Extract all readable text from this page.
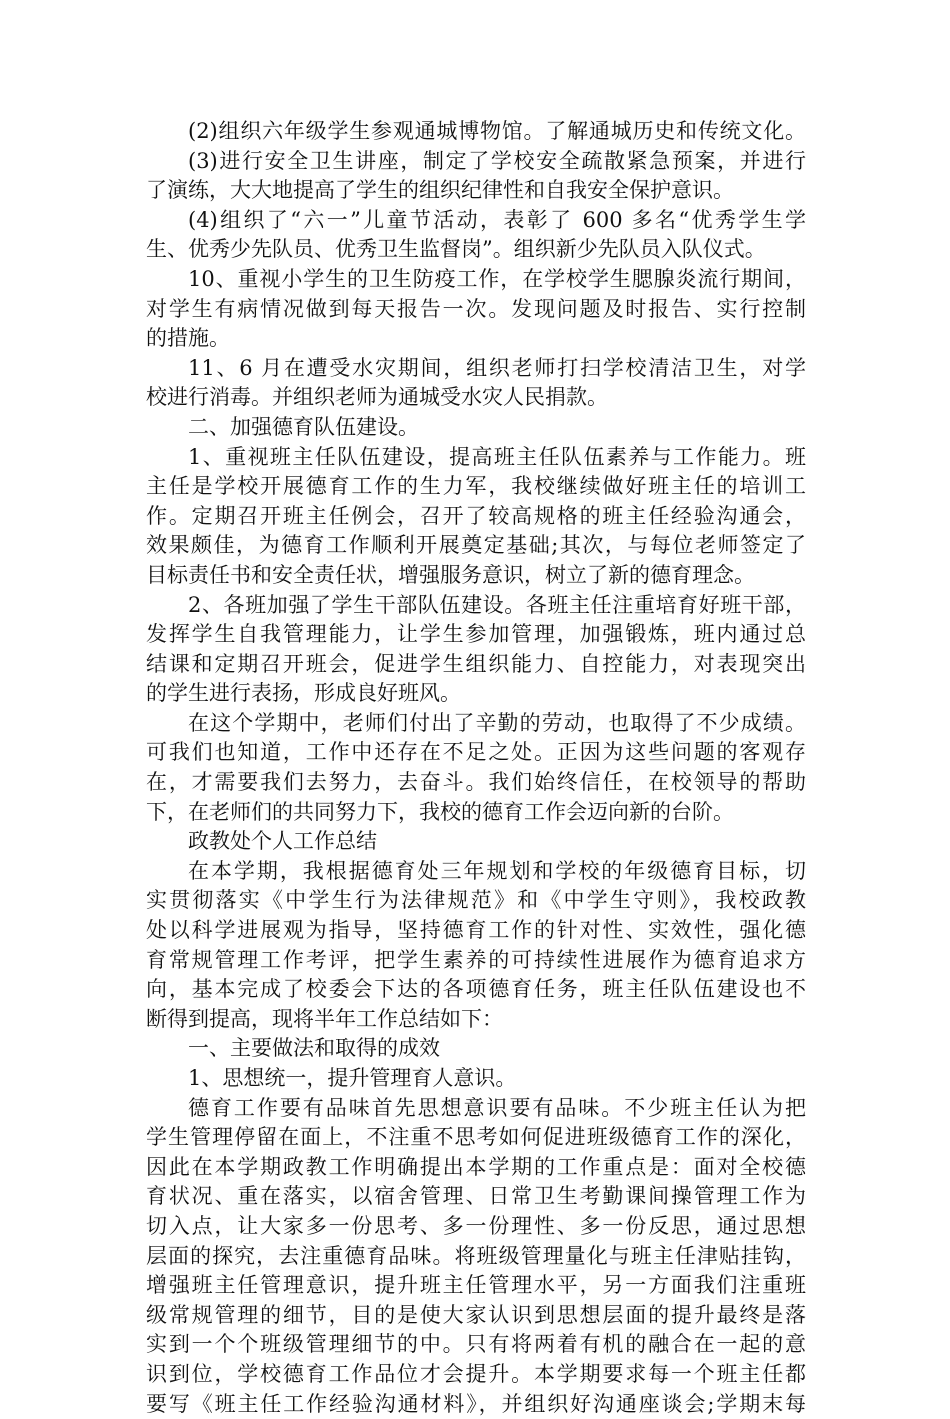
(2)组织六年级学生参观通城博物馆。了解通城历史和传统文化。
(3)进行安全卫生讲座，制定了学校安全疏散紧急预案，并进行
了演练，大大地提高了学生的组织纪律性和自我安全保护意识。
(4)组织了“六一”儿童节活动，表彰了 600 多名“优秀学生学
生、优秀少先队员、优秀卫生监督岗”。组织新少先队员入队仪式。
10、重视小学生的卫生防疫工作，在学校学生腮腺炎流行期间，
对学生有病情况做到每天报告一次。发现问题及时报告、实行控制
的措施。
11、6 月在遭受水灾期间，组织老师打扫学校清洁卫生，对学
校进行消毒。并组织老师为通城受水灾人民捐款。
二、加强德育队伍建设。
1、重视班主任队伍建设，提高班主任队伍素养与工作能力。班
主任是学校开展德育工作的生力军，我校继续做好班主任的培训工
作。定期召开班主任例会，召开了较高规格的班主任经验沟通会，
效果颇佳，为德育工作顺利开展奠定基础;其次，与每位老师签定了
目标责任书和安全责任状，增强服务意识，树立了新的德育理念。
2、各班加强了学生干部队伍建设。各班主任注重培育好班干部，
发挥学生自我管理能力，让学生参加管理，加强锻炼，班内通过总
结课和定期召开班会，促进学生组织能力、自控能力，对表现突出
的学生进行表扬，形成良好班风。
在这个学期中，老师们付出了辛勤的劳动，也取得了不少成绩。
可我们也知道，工作中还存在不足之处。正因为这些问题的客观存
在，才需要我们去努力，去奋斗。我们始终信任，在校领导的帮助
下，在老师们的共同努力下，我校的德育工作会迈向新的台阶。
政教处个人工作总结
在本学期，我根据德育处三年规划和学校的年级德育目标，切
实贯彻落实《中学生行为法律规范》和《中学生守则》，我校政教
处以科学进展观为指导，坚持德育工作的针对性、实效性，强化德
育常规管理工作考评，把学生素养的可持续性进展作为德育追求方
向，基本完成了校委会下达的各项德育任务，班主任队伍建设也不
断得到提高，现将半年工作总结如下：
一、主要做法和取得的成效
1、思想统一，提升管理育人意识。
德育工作要有品味首先思想意识要有品味。不少班主任认为把
学生管理停留在面上，不注重不思考如何促进班级德育工作的深化，
因此在本学期政教工作明确提出本学期的工作重点是：面对全校德
育状况、重在落实，以宿舍管理、日常卫生考勤课间操管理工作为
切入点，让大家多一份思考、多一份理性、多一份反思，通过思想
层面的探究，去注重德育品味。将班级管理量化与班主任津贴挂钩，
增强班主任管理意识，提升班主任管理水平，另一方面我们注重班
级常规管理的细节，目的是使大家认识到思想层面的提升最终是落
实到一个个班级管理细节的中。只有将两着有机的融合在一起的意
识到位，学校德育工作品位才会提升。本学期要求每一个班主任都
要写《班主任工作经验沟通材料》，并组织好沟通座谈会;学期末每
